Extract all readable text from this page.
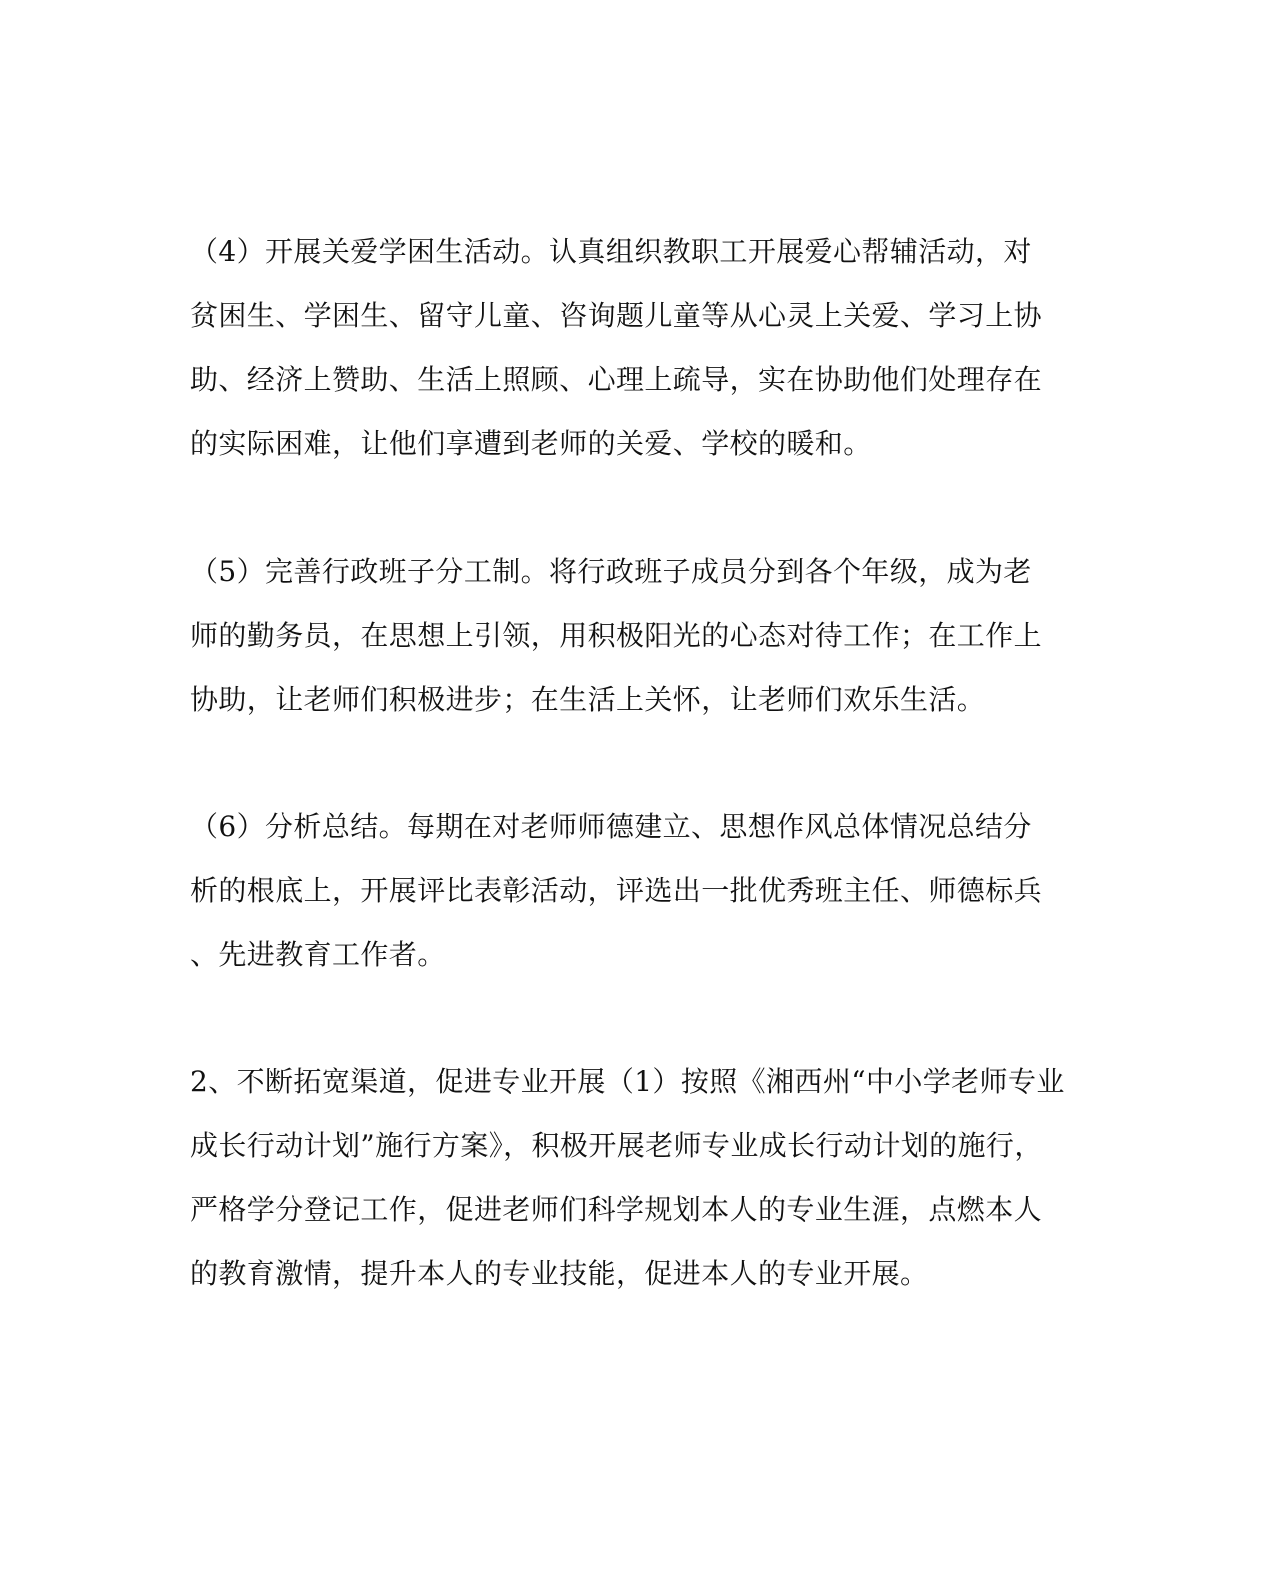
（4）开展关爱学困生活动。认真组织教职工开展爱心帮辅活动，对
贫困生、学困生、留守儿童、咨询题儿童等从心灵上关爱、学习上协
助、经济上赞助、生活上照顾、心理上疏导，实在协助他们处理存在
的实际困难，让他们享遭到老师的关爱、学校的暖和。
（5）完善行政班子分工制。将行政班子成员分到各个年级，成为老
师的勤务员，在思想上引领，用积极阳光的心态对待工作；在工作上
协助，让老师们积极进步；在生活上关怀，让老师们欢乐生活。
（6）分析总结。每期在对老师师德建立、思想作风总体情况总结分
析的根底上，开展评比表彰活动，评选出一批优秀班主任、师德标兵
、先进教育工作者。
2、不断拓宽渠道，促进专业开展（1）按照《湘西州“中小学老师专业
成长行动计划”施行方案》，积极开展老师专业成长行动计划的施行，
严格学分登记工作，促进老师们科学规划本人的专业生涯，点燃本人
的教育激情，提升本人的专业技能，促进本人的专业开展。
